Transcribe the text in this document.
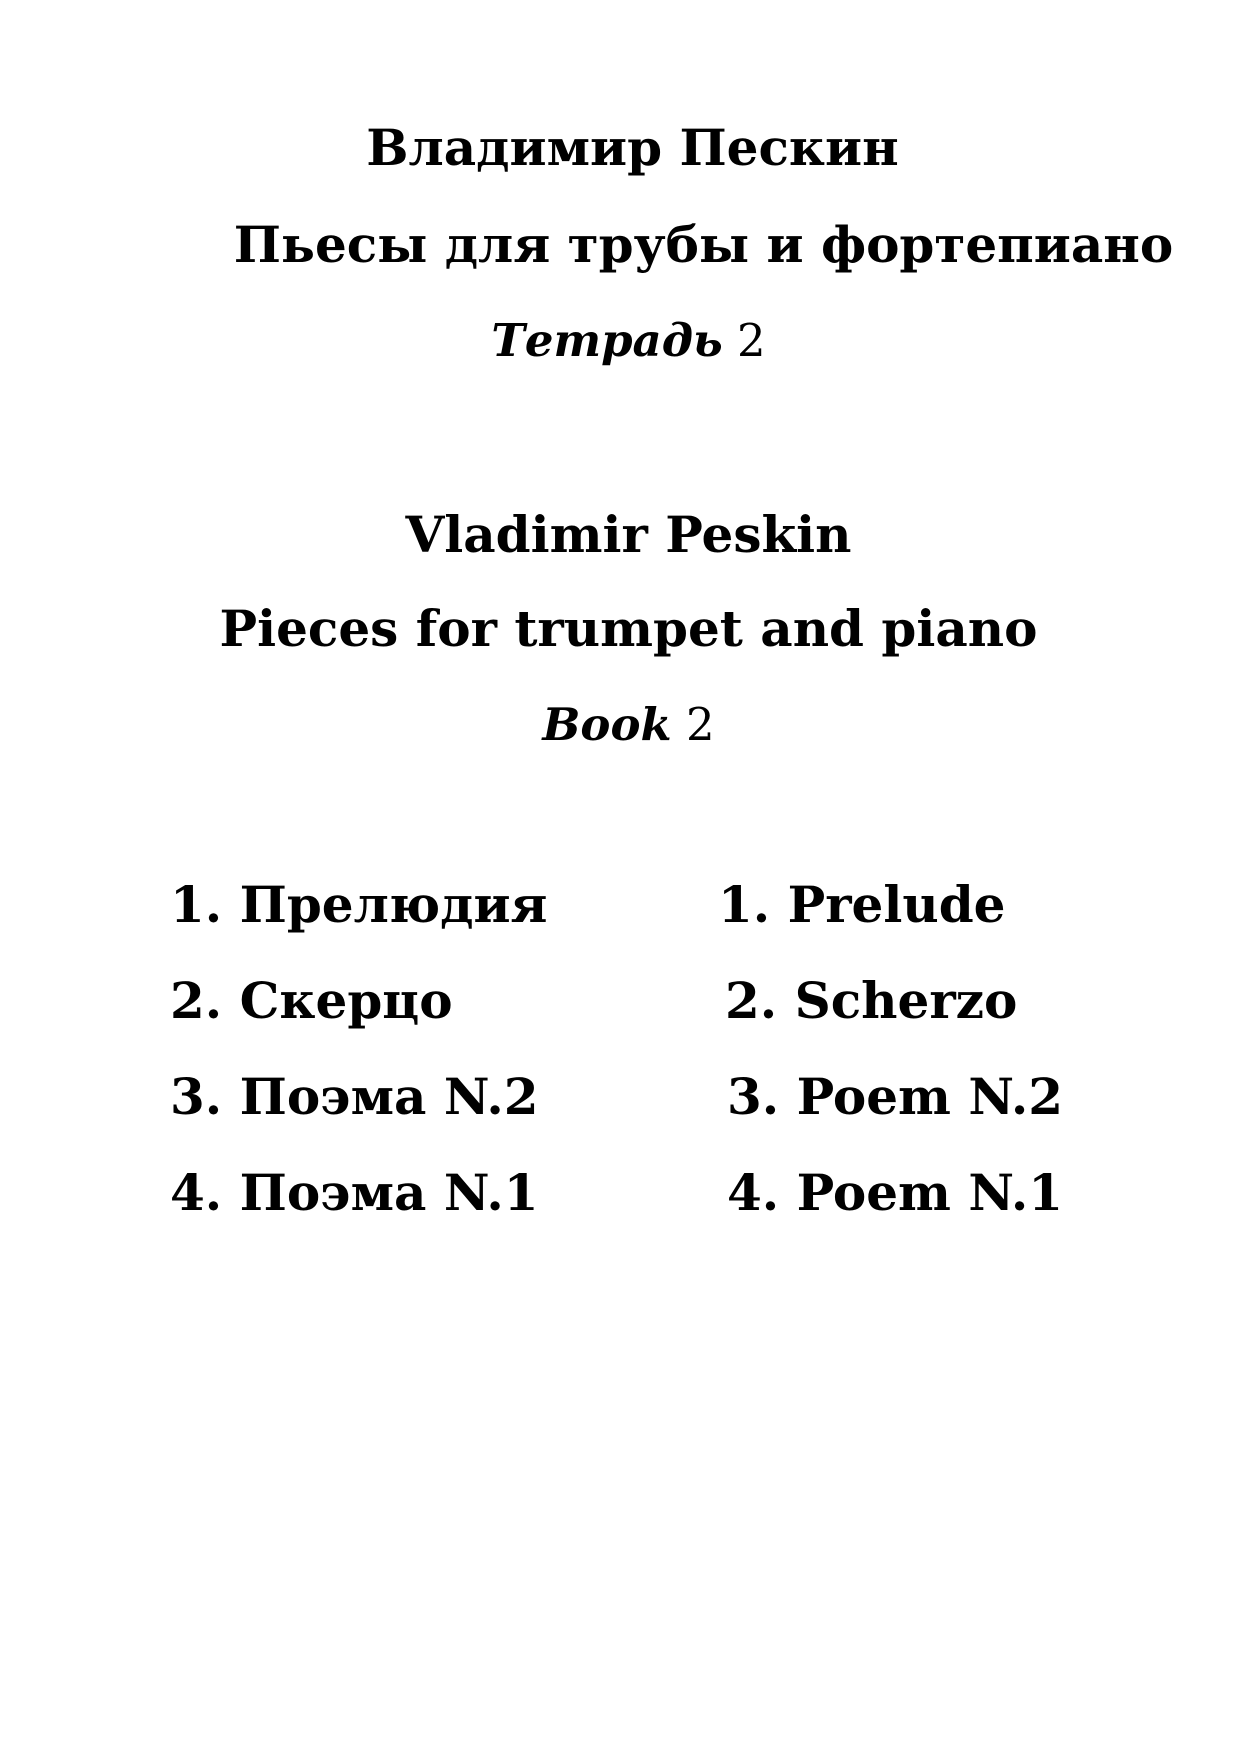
Владимир Пескин
Пьесы для трубы и фортепиано
Тетрадь 2
Vladimir Peskin
Pieces for trumpet and piano
Book 2
1. Прелюдия	1. Prelude
2. Скерцо	2. Scherzo
3. Поэма N.2	3. Poem N.2
4. Поэма N.1	4. Poem N.1
